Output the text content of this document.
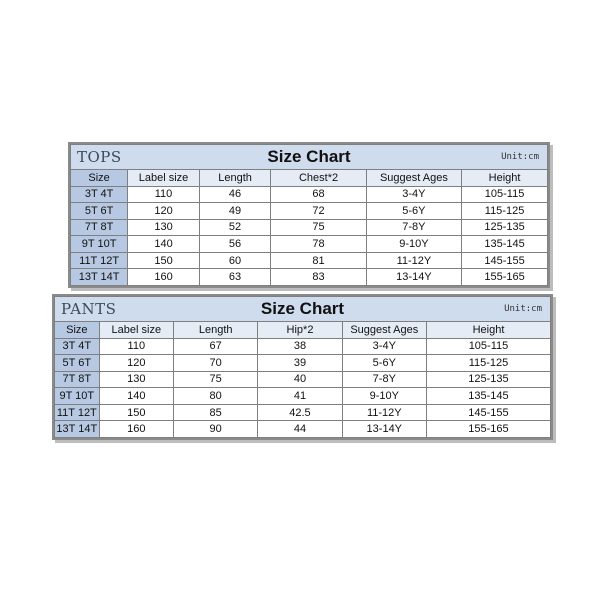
TOPS Size Chart Unit:cm					

Size	Label size	Length	Chest*2	Suggest Ages	Height
3T 4T	110	46	68	3-4Y	105-115
5T 6T	120	49	72	5-6Y	115-125
7T 8T	130	52	75	7-8Y	125-135
9T 10T	140	56	78	9-10Y	135-145
11T 12T	150	60	81	11-12Y	145-155
13T 14T	160	63	83	13-14Y	155-165
PANTS Size Chart Unit:cm					

Size	Label size	Length	Hip*2	Suggest Ages	Height
3T 4T	110	67	38	3-4Y	105-115
5T 6T	120	70	39	5-6Y	115-125
7T 8T	130	75	40	7-8Y	125-135
9T 10T	140	80	41	9-10Y	135-145
11T 12T	150	85	42.5	11-12Y	145-155
13T 14T	160	90	44	13-14Y	155-165
